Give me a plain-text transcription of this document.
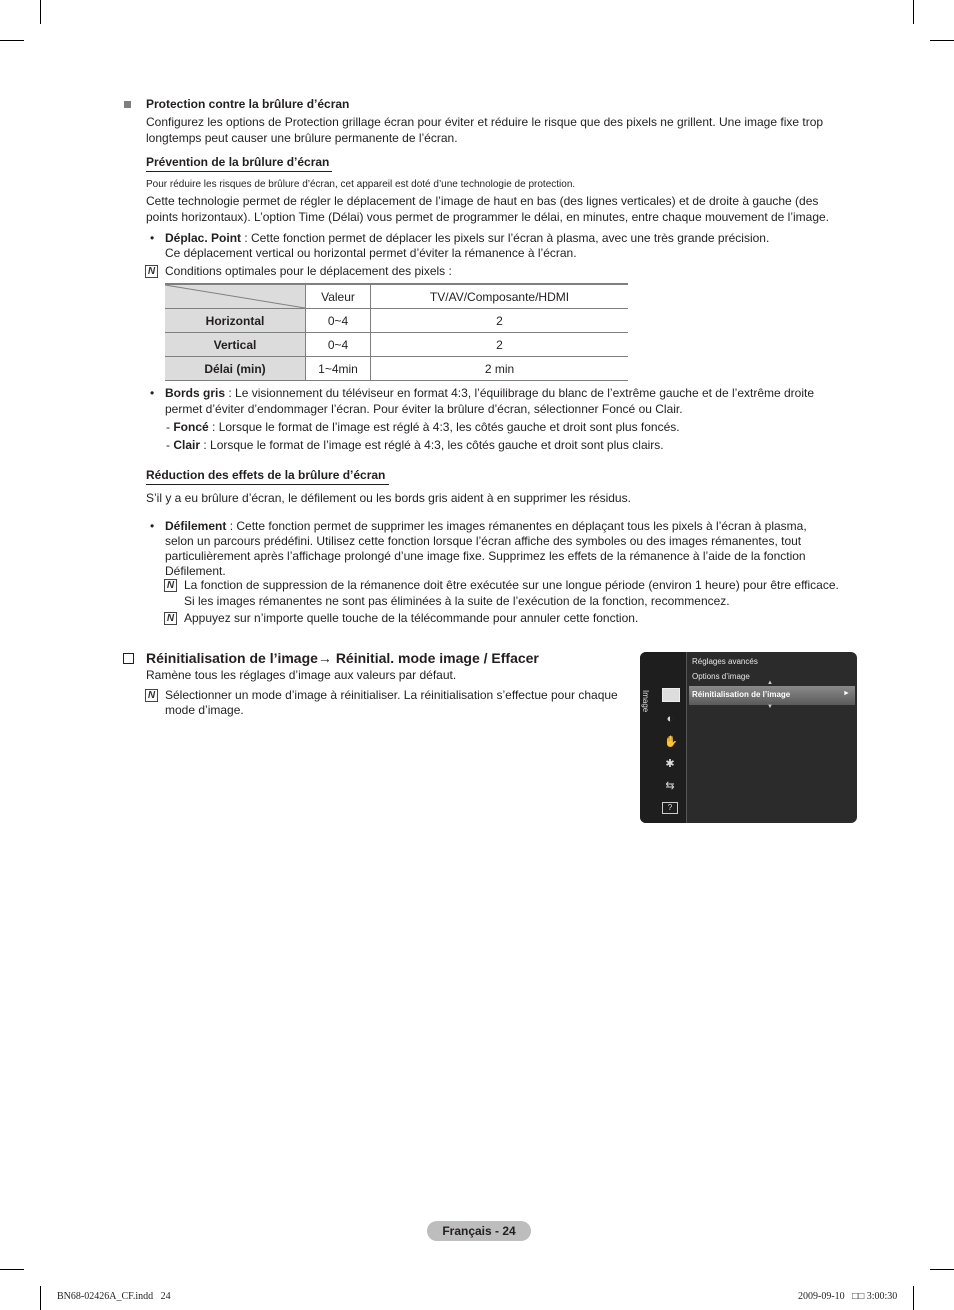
Protection contre la brûlure d’écran
Configurez les options de Protection grillage écran pour éviter et réduire le risque que des pixels ne grillent. Une image fixe trop
longtemps peut causer une brûlure permanente de l’écran.
Prévention de la brûlure d’écran
Pour réduire les risques de brûlure d’écran, cet appareil est doté d’une technologie de protection.
Cette technologie permet de régler le déplacement de l’image de haut en bas (des lignes verticales) et de droite à gauche (des
points horizontaux). L’option Time (Délai) vous permet de programmer le délai, en minutes, entre chaque mouvement de l’image.
• Déplac. Point : Cette fonction permet de déplacer les pixels sur l’écran à plasma, avec une très grande précision.
Ce déplacement vertical ou horizontal permet d’éviter la rémanence à l’écran.
N Conditions optimales pour le déplacement des pixels :
	Valeur	TV/AV/Composante/HDMI
Horizontal	0~4	2
Vertical	0~4	2
Délai (min)	1~4min	2 min
• Bords gris : Le visionnement du téléviseur en format 4:3, l’équilibrage du blanc de l’extrême gauche et de l’extrême droite
permet d’éviter d’endommager l’écran. Pour éviter la brûlure d’écran, sélectionner Foncé ou Clair.
- Foncé : Lorsque le format de l’image est réglé à 4:3, les côtés gauche et droit sont plus foncés.
- Clair : Lorsque le format de l’image est réglé à 4:3, les côtés gauche et droit sont plus clairs.
Réduction des effets de la brûlure d’écran
S’il y a eu brûlure d’écran, le défilement ou les bords gris aident à en supprimer les résidus.
• Défilement : Cette fonction permet de supprimer les images rémanentes en déplaçant tous les pixels à l’écran à plasma,
selon un parcours prédéfini. Utilisez cette fonction lorsque l’écran affiche des symboles ou des images rémanentes, tout
particulièrement après l’affichage prolongé d’une image fixe. Supprimez les effets de la rémanence à l’aide de la fonction
Défilement.
N La fonction de suppression de la rémanence doit être exécutée sur une longue période (environ 1 heure) pour être efficace.
Si les images rémanentes ne sont pas éliminées à la suite de l’exécution de la fonction, recommencez.
N Appuyez sur n’importe quelle touche de la télécommande pour annuler cette fonction.
Réinitialisation de l’image→ Réinitial. mode image / Effacer
Ramène tous les réglages d’image aux valeurs par défaut.
N Sélectionner un mode d’image à réinitialiser. La réinitialisation s’effectue pour chaque
mode d’image.	Image
◐
✋
✱
⇆
?
Réglages avancés
Options d’image
▲
Réinitialisation de l’image	►
▼
Français - 24
BN68-02426A_CF.indd   24	2009-09-10   □□ 3:00:30
